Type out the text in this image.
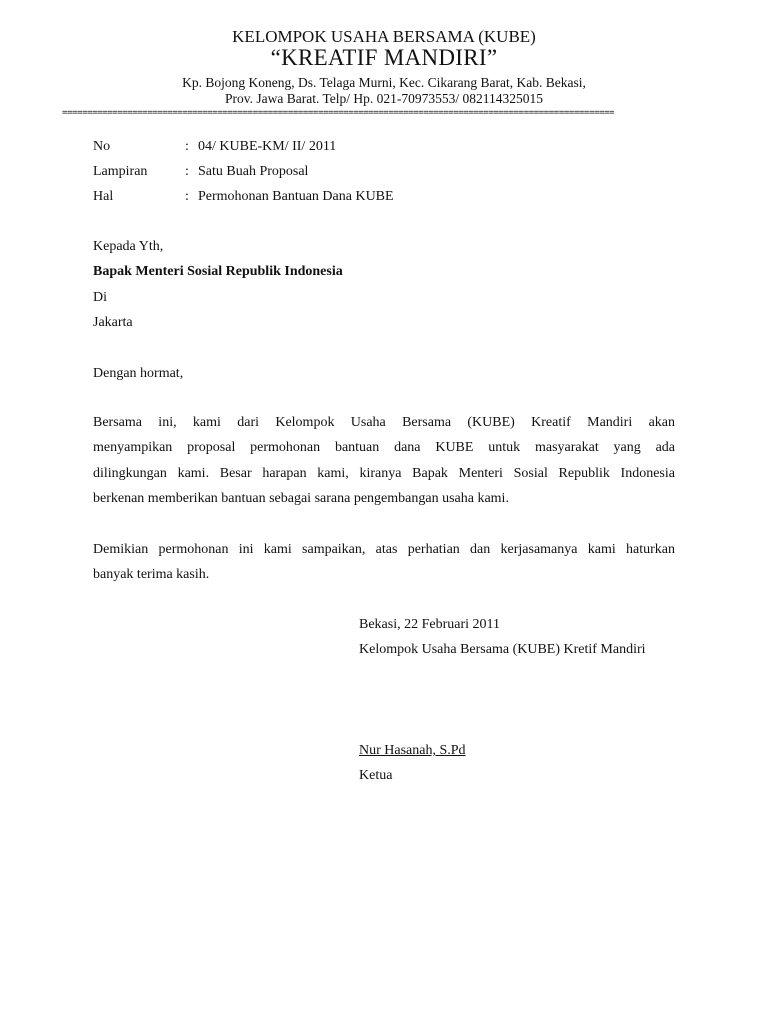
KELOMPOK USAHA BERSAMA (KUBE)
“KREATIF MANDIRI”
Kp. Bojong Koneng, Ds. Telaga Murni, Kec. Cikarang Barat, Kab. Bekasi,
Prov. Jawa Barat. Telp/ Hp. 021-70973553/ 082114325015
==============================================================================================================
No	: 04/ KUBE-KM/ II/ 2011
Lampiran	: Satu Buah Proposal
Hal	: Permohonan Bantuan Dana KUBE
Kepada Yth,
Bapak Menteri Sosial Republik Indonesia
Di
Jakarta
Dengan hormat,
Bersama ini, kami dari Kelompok Usaha Bersama (KUBE) Kreatif Mandiri akan
menyampikan proposal permohonan bantuan dana KUBE untuk masyarakat yang ada
dilingkungan kami. Besar harapan kami, kiranya Bapak Menteri Sosial Republik Indonesia
berkenan memberikan bantuan sebagai sarana pengembangan usaha kami.
Demikian permohonan ini kami sampaikan, atas perhatian dan kerjasamanya kami haturkan
banyak terima kasih.
Bekasi, 22 Februari 2011
Kelompok Usaha Bersama (KUBE) Kretif Mandiri
Nur Hasanah, S.Pd
Ketua
